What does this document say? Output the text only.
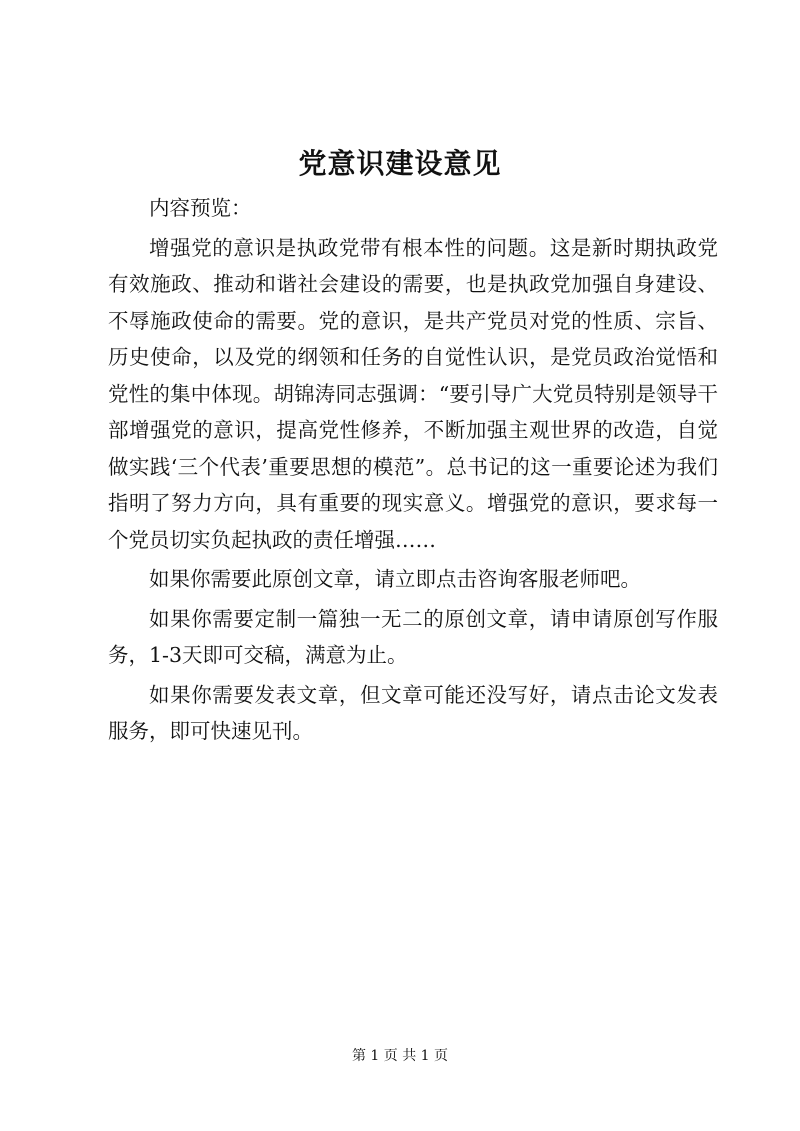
党意识建设意见

内容预览：

增强党的意识是执政党带有根本性的问题。这是新时期执政党有效施政、推动和谐社会建设的需要，也是执政党加强自身建设、不辱施政使命的需要。党的意识，是共产党员对党的性质、宗旨、历史使命，以及党的纲领和任务的自觉性认识，是党员政治觉悟和党性的集中体现。胡锦涛同志强调：“要引导广大党员特别是领导干部增强党的意识，提高党性修养，不断加强主观世界的改造，自觉做实践‘三个代表’重要思想的模范”。总书记的这一重要论述为我们指明了努力方向，具有重要的现实意义。增强党的意识，要求每一个党员切实负起执政的责任增强……

如果你需要此原创文章，请立即点击咨询客服老师吧。

如果你需要定制一篇独一无二的原创文章，请申请原创写作服务，1-3天即可交稿，满意为止。

如果你需要发表文章，但文章可能还没写好，请点击论文发表服务，即可快速见刊。

第 1 页 共 1 页
